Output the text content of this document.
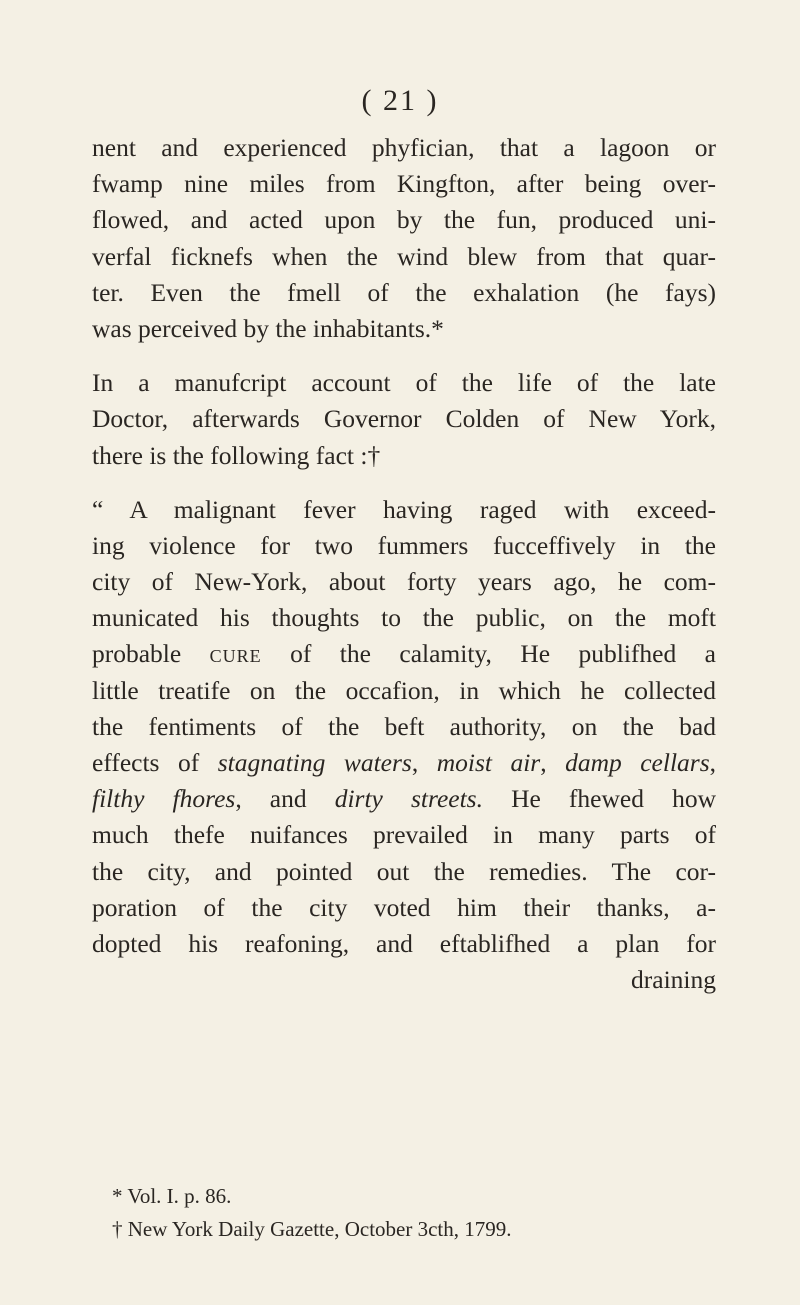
( 21 )
nent and experienced phyfician, that a lagoon or
fwamp nine miles from Kingfton, after being over-
flowed, and acted upon by the fun, produced uni-
verfal ficknefs when the wind blew from that quar-
ter. Even the fmell of the exhalation (he fays)
was perceived by the inhabitants.*
In a manufcript account of the life of the late
Doctor, afterwards Governor Colden of New York,
there is the following fact :†
“ A malignant fever having raged with exceed-
ing violence for two fummers fucceffively in the
city of New-York, about forty years ago, he com-
municated his thoughts to the public, on the moft
probable cure of the calamity, He publifhed a
little treatife on the occafion, in which he collected
the fentiments of the beft authority, on the bad
effects of stagnating waters, moist air, damp cellars,
filthy fhores, and dirty streets. He fhewed how
much thefe nuifances prevailed in many parts of
the city, and pointed out the remedies. The cor-
poration of the city voted him their thanks, a-
dopted his reafoning, and eftablifhed a plan for
draining
* Vol. I. p. 86.
† New York Daily Gazette, October 3cth, 1799.
